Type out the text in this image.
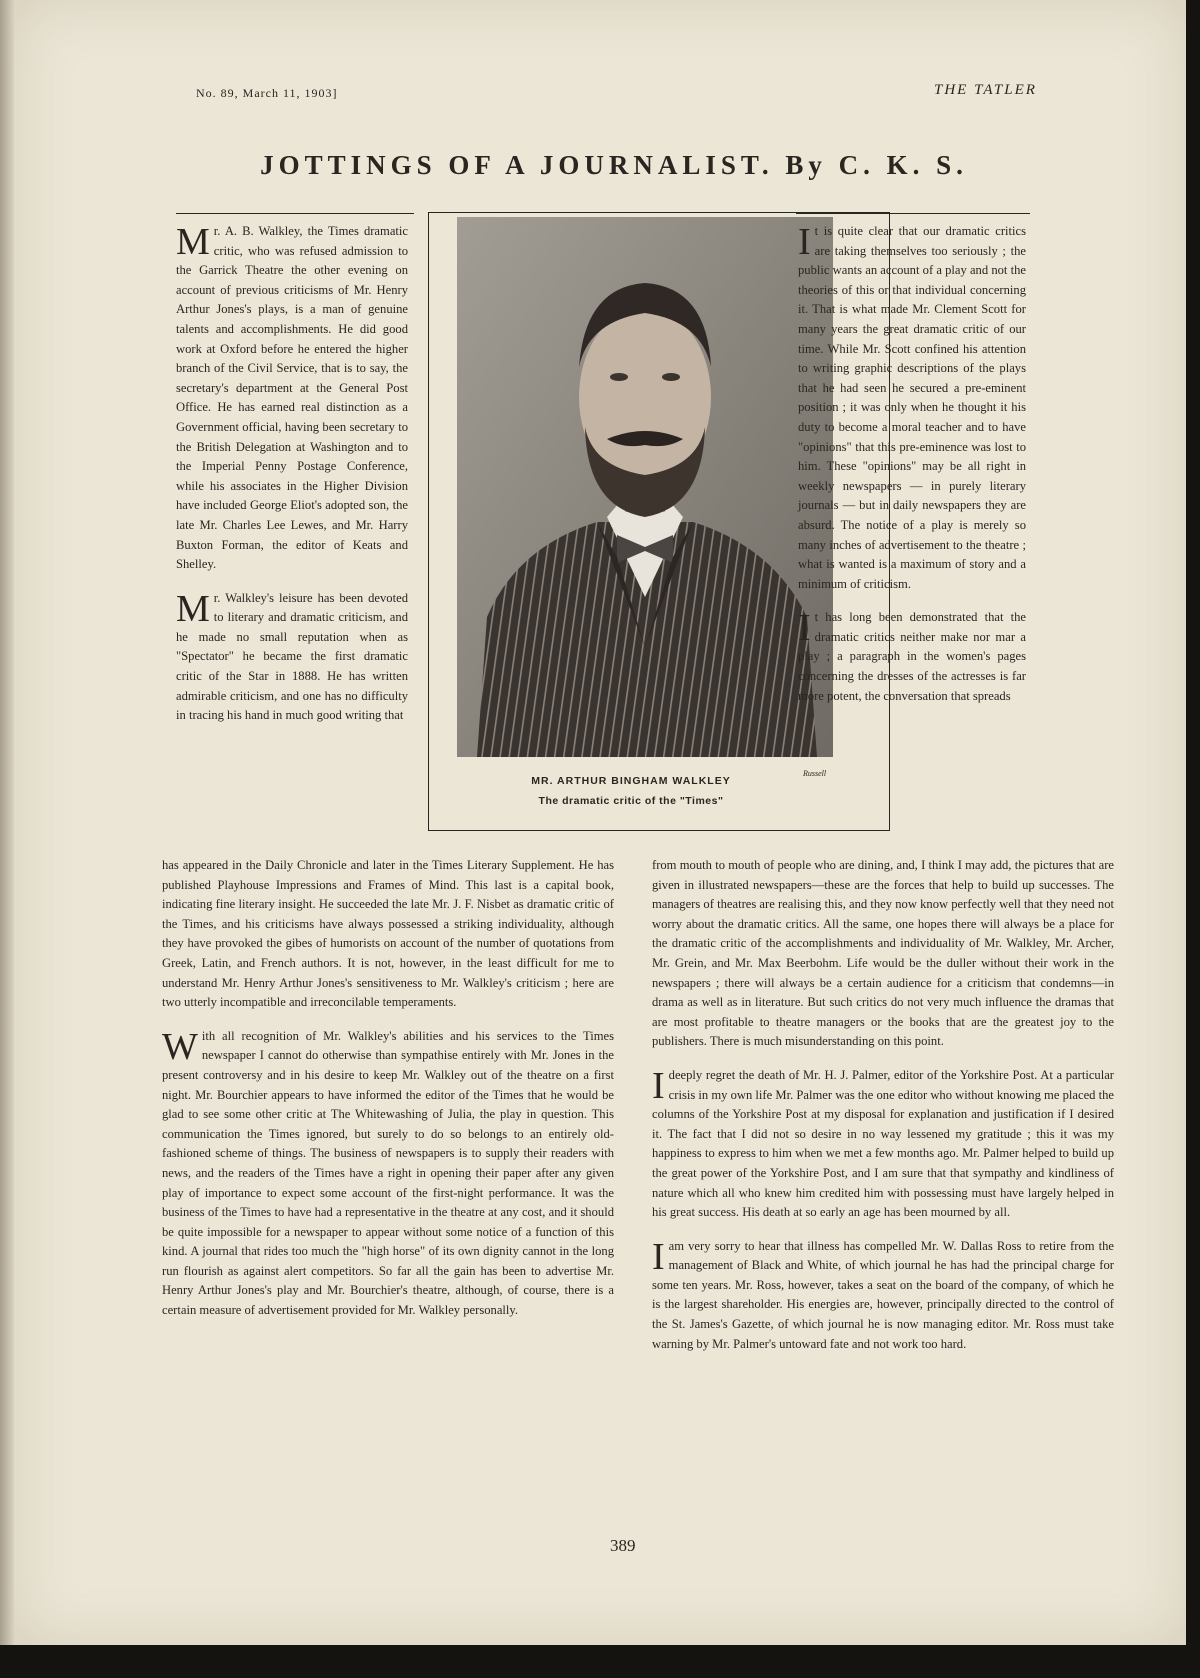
No. 89, March 11, 1903]	THE TATLER
JOTTINGS OF A JOURNALIST. By C. K. S.

Mr. A. B. Walkley, the Times dramatic critic, who was refused admission to the Garrick Theatre the other evening on account of previous criticisms of Mr. Henry Arthur Jones's plays, is a man of genuine talents and accomplishments. He did good work at Oxford before he entered the higher branch of the Civil Service, that is to say, the secretary's department at the General Post Office. He has earned real distinction as a Government official, having been secretary to the British Delegation at Washington and to the Imperial Penny Postage Conference, while his associates in the Higher Division have included George Eliot's adopted son, the late Mr. Charles Lee Lewes, and Mr. Harry Buxton Forman, the editor of Keats and Shelley.

Mr. Walkley's leisure has been devoted to literary and dramatic criticism, and he made no small reputation when as "Spectator" he became the first dramatic critic of the Star in 1888. He has written admirable criticism, and one has no difficulty in tracing his hand in much good writing that

Russell
MR. ARTHUR BINGHAM WALKLEY
The dramatic critic of the "Times"

It is quite clear that our dramatic critics are taking themselves too seriously ; the public wants an account of a play and not the theories of this or that individual concerning it. That is what made Mr. Clement Scott for many years the great dramatic critic of our time. While Mr. Scott confined his attention to writing graphic descriptions of the plays that he had seen he secured a pre-eminent position ; it was only when he thought it his duty to become a moral teacher and to have "opinions" that this pre-eminence was lost to him. These "opinions" may be all right in weekly newspapers — in purely literary journals — but in daily newspapers they are absurd. The notice of a play is merely so many inches of advertisement to the theatre ; what is wanted is a maximum of story and a minimum of criticism.

It has long been demonstrated that the dramatic critics neither make nor mar a play ; a paragraph in the women's pages concerning the dresses of the actresses is far more potent, the conversation that spreads

has appeared in the Daily Chronicle and later in the Times Literary Supplement. He has published Playhouse Impressions and Frames of Mind. This last is a capital book, indicating fine literary insight. He succeeded the late Mr. J. F. Nisbet as dramatic critic of the Times, and his criticisms have always possessed a striking individuality, although they have provoked the gibes of humorists on account of the number of quotations from Greek, Latin, and French authors. It is not, however, in the least difficult for me to understand Mr. Henry Arthur Jones's sensitiveness to Mr. Walkley's criticism ; here are two utterly incompatible and irreconcilable temperaments.

With all recognition of Mr. Walkley's abilities and his services to the Times newspaper I cannot do otherwise than sympathise entirely with Mr. Jones in the present controversy and in his desire to keep Mr. Walkley out of the theatre on a first night. Mr. Bourchier appears to have informed the editor of the Times that he would be glad to see some other critic at The Whitewashing of Julia, the play in question. This communication the Times ignored, but surely to do so belongs to an entirely old-fashioned scheme of things. The business of newspapers is to supply their readers with news, and the readers of the Times have a right in opening their paper after any given play of importance to expect some account of the first-night performance. It was the business of the Times to have had a representative in the theatre at any cost, and it should be quite impossible for a newspaper to appear without some notice of a function of this kind. A journal that rides too much the "high horse" of its own dignity cannot in the long run flourish as against alert competitors. So far all the gain has been to advertise Mr. Henry Arthur Jones's play and Mr. Bourchier's theatre, although, of course, there is a certain measure of advertisement provided for Mr. Walkley personally.

from mouth to mouth of people who are dining, and, I think I may add, the pictures that are given in illustrated newspapers—these are the forces that help to build up successes. The managers of theatres are realising this, and they now know perfectly well that they need not worry about the dramatic critics. All the same, one hopes there will always be a place for the dramatic critic of the accomplishments and individuality of Mr. Walkley, Mr. Archer, Mr. Grein, and Mr. Max Beerbohm. Life would be the duller without their work in the newspapers ; there will always be a certain audience for a criticism that condemns—in drama as well as in literature. But such critics do not very much influence the dramas that are most profitable to theatre managers or the books that are the greatest joy to the publishers. There is much misunderstanding on this point.

Ideeply regret the death of Mr. H. J. Palmer, editor of the Yorkshire Post. At a particular crisis in my own life Mr. Palmer was the one editor who without knowing me placed the columns of the Yorkshire Post at my disposal for explanation and justification if I desired it. The fact that I did not so desire in no way lessened my gratitude ; this it was my happiness to express to him when we met a few months ago. Mr. Palmer helped to build up the great power of the Yorkshire Post, and I am sure that that sympathy and kindliness of nature which all who knew him credited him with possessing must have largely helped in his great success. His death at so early an age has been mourned by all.

Iam very sorry to hear that illness has compelled Mr. W. Dallas Ross to retire from the management of Black and White, of which journal he has had the principal charge for some ten years. Mr. Ross, however, takes a seat on the board of the company, of which he is the largest shareholder. His energies are, however, principally directed to the control of the St. James's Gazette, of which journal he is now managing editor. Mr. Ross must take warning by Mr. Palmer's untoward fate and not work too hard.

389
